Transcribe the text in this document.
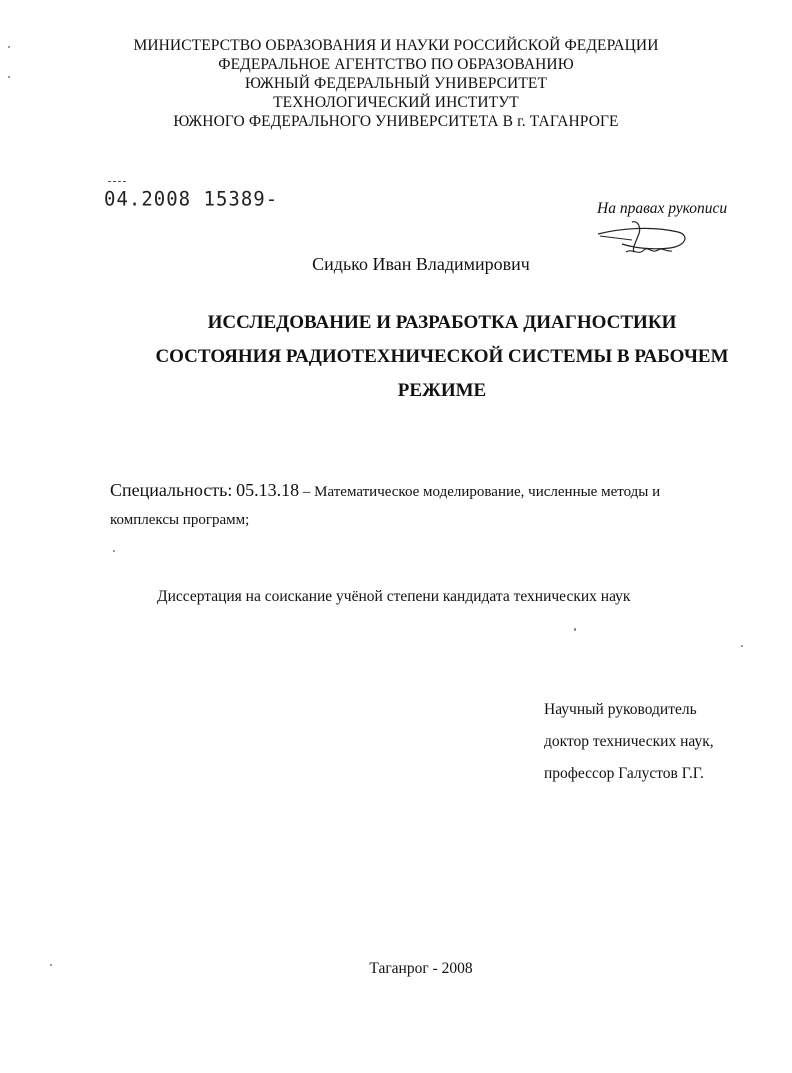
МИНИСТЕРСТВО ОБРАЗОВАНИЯ И НАУКИ РОССИЙСКОЙ ФЕДЕРАЦИИ
ФЕДЕРАЛЬНОЕ АГЕНТСТВО ПО ОБРАЗОВАНИЮ
ЮЖНЫЙ ФЕДЕРАЛЬНЫЙ УНИВЕРСИТЕТ
ТЕХНОЛОГИЧЕСКИЙ ИНСТИТУТ
ЮЖНОГО ФЕДЕРАЛЬНОГО УНИВЕРСИТЕТА В г. ТАГАНРОГЕ
04.2008 15389-	На правах рукописи
Сидько Иван Владимирович
ИССЛЕДОВАНИЕ И РАЗРАБОТКА ДИАГНОСТИКИ
СОСТОЯНИЯ РАДИОТЕХНИЧЕСКОЙ СИСТЕМЫ В РАБОЧЕМ
РЕЖИМЕ
Специальность: 05.13.18 – Математическое моделирование, численные методы и комплексы программ;
Диссертация на соискание учёной степени кандидата технических наук
Научный руководитель
доктор технических наук,
профессор Галустов Г.Г.
Таганрог - 2008
